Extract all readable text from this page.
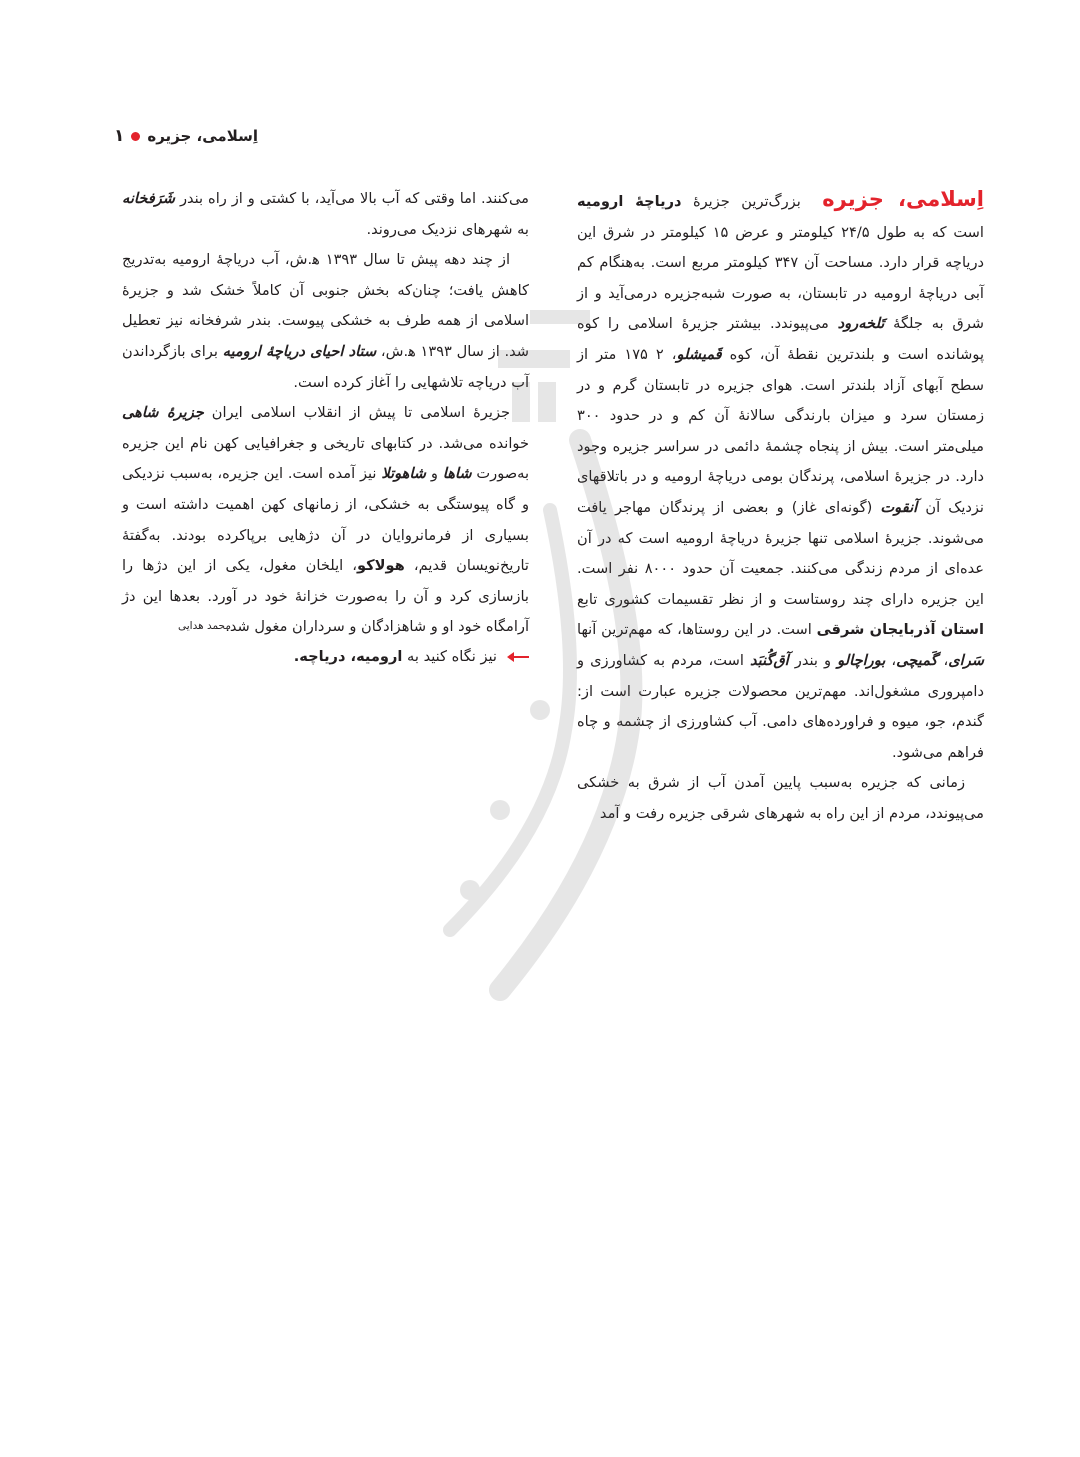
اِسلامی، جزیره
۱

اِسلامی، جزیره بزرگ‌ترین جزیرهٔ دریاچهٔ ارومیه است که به طول ۲۴/۵ کیلومتر و عرض ۱۵ کیلومتر در شرق این دریاچه قرار دارد. مساحت آن ۳۴۷ کیلومتر مربع است. به‌هنگام کم آبی دریاچهٔ ارومیه در تابستان، به صورت شبه‌جزیره درمی‌آید و از شرق به جلگهٔ تَلخه‌رود می‌پیوندد. بیشتر جزیرهٔ اسلامی را کوه پوشانده است و بلندترین نقطهٔ آن، کوه قَمیشلو، ۲ ۱۷۵ متر از سطح آبهای آزاد بلندتر است. هوای جزیره در تابستان گرم و در زمستان سرد و میزان بارندگی سالانهٔ آن کم و در حدود ۳۰۰ میلی‌متر است. بیش از پنجاه چشمهٔ دائمی در سراسر جزیره وجود دارد. در جزیرهٔ اسلامی، پرندگان بومی دریاچهٔ ارومیه و در باتلاقهای نزدیک آن آنقوت (گونه‌ای غاز) و بعضی از پرندگان مهاجر یافت می‌شوند. جزیرهٔ اسلامی تنها جزیرهٔ دریاچهٔ ارومیه است که در آن عده‌ای از مردم زندگی می‌کنند. جمعیت آن حدود ۸۰۰۰ نفر است. این جزیره دارای چند روستاست و از نظر تقسیمات کشوری تابع استان آذربایجان شرقی است. در این روستاها، که مهم‌ترین آنها سَرای، گَمیچی، بوراچالو و بندر آق‌گُنبَد است، مردم به کشاورزی و دامپروری مشغول‌اند. مهم‌ترین محصولات جزیره عبارت است از: گندم، جو، میوه و فراورده‌های دامی. آب کشاورزی از چشمه و چاه فراهم می‌شود.

زمانی که جزیره به‌سبب پایین آمدن آب از شرق به خشکی می‌پیوندد، مردم از این راه به شهرهای شرقی جزیره رفت و آمد

می‌کنند. اما وقتی که آب بالا می‌آید، با کشتی و از راه بندر شَرَفخانه به شهرهای نزدیک می‌روند.

از چند دهه پیش تا سال ۱۳۹۳ ه‍.ش، آب دریاچهٔ ارومیه به‌تدریج کاهش یافت؛ چنان‌که بخش جنوبی آن کاملاً خشک شد و جزیرهٔ اسلامی از همه طرف به خشکی پیوست. بندر شرفخانه نیز تعطیل شد. از سال ۱۳۹۳ ه‍.ش، ستاد احیای دریاچهٔ ارومیه برای بازگرداندن آب دریاچه تلاشهایی را آغاز کرده است.

جزیرهٔ اسلامی تا پیش از انقلاب اسلامی ایران جزیرهٔ شاهی خوانده می‌شد. در کتابهای تاریخی و جغرافیایی کهن نام این جزیره به‌صورت شاها و شاهوتلا نیز آمده است. این جزیره، به‌سبب نزدیکی و گاه پیوستگی به خشکی، از زمانهای کهن اهمیت داشته است و بسیاری از فرمانروایان در آن دژهایی برپاکرده بودند. به‌گفتهٔ تاریخ‌نویسان قدیم، هولاکو، ایلخان مغول، یکی از این دژها را بازسازی کرد و آن را به‌صورت خزانهٔ خود در آورد. بعدها این دژ آرامگاه خود او و شاهزادگان و سرداران مغول شد.

محمد هدایی

نیز نگاه کنید به ارومیه، دریاچه.
